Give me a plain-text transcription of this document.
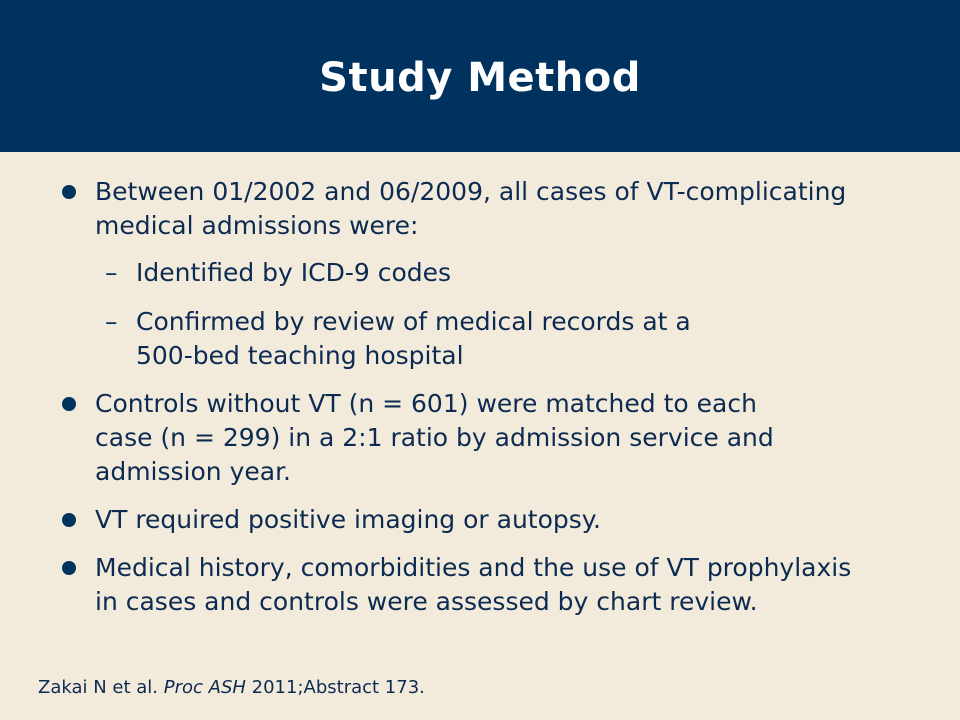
Study Method
Between 01/2002 and 06/2009, all cases of VT-complicating
medical admissions were:
– Identified by ICD-9 codes
– Confirmed by review of medical records at a
500-bed teaching hospital
Controls without VT (n = 601) were matched to each
case (n = 299) in a 2:1 ratio by admission service and
admission year.
VT required positive imaging or autopsy.
Medical history, comorbidities and the use of VT prophylaxis
in cases and controls were assessed by chart review.
Zakai N et al. Proc ASH 2011;Abstract 173.
